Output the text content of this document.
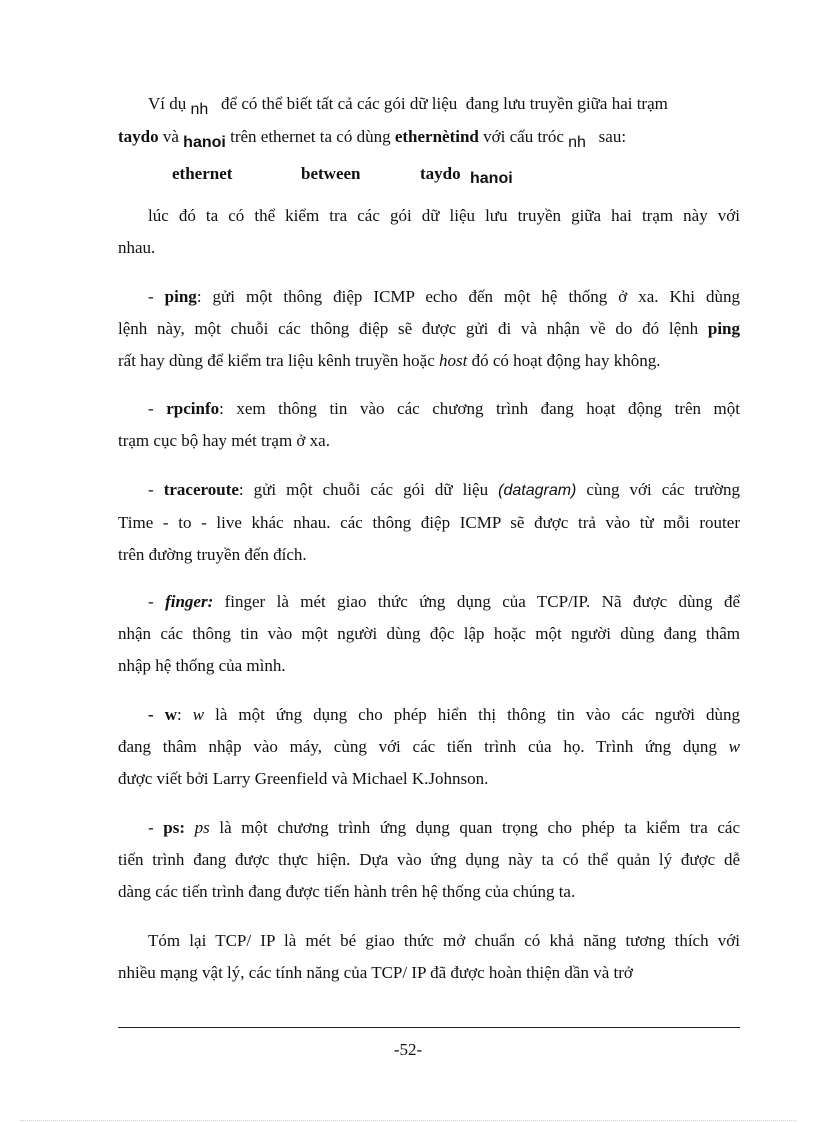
Ví dụ nh   để có thể biết tất cả các gói dữ liệu  đang lưu truyền giữa hai trạm
taydo và hanoi trên ethernet ta có dùng ethernètind với cấu tróc nh   sau:

ethernet	between	taydo hanoi

lúc đó ta có thể kiểm tra các gói dữ liệu lưu truyền giữa hai trạm này với
nhau.

- ping: gửi một thông điệp ICMP echo đến một hệ thống ở xa. Khi dùng
lệnh này, một chuỗi các thông điệp sẽ được gửi đi và nhận về do đó lệnh ping
rất hay dùng để kiểm tra liệu kênh truyền hoặc host đó có hoạt động hay không.

- rpcinfo: xem thông tin vào các chương trình đang hoạt động trên một
trạm cục bộ hay mét trạm ở xa.

- traceroute: gửi một chuỗi các gói dữ liệu (datagram) cùng với các trường
Time - to - live khác nhau. các thông điệp ICMP sẽ được trả vào từ mỗi router
trên đường truyền đến đích.

- finger: finger là mét giao thức ứng dụng của TCP/IP. Nã được dùng để
nhận các thông tin vào một người dùng độc lập hoặc một người dùng đang thâm
nhập hệ thống của mình.

- w: w là một ứng dụng cho phép hiển thị thông tin vào các người dùng
đang thâm nhập vào máy, cùng với các tiến trình của họ. Trình ứng dụng w
được viết bởi Larry Greenfield và Michael K.Johnson.

- ps: ps là một chương trình ứng dụng quan trọng cho phép ta kiểm tra các
tiến trình đang được thực hiện. Dựa vào ứng dụng này ta có thể quản lý được dễ
dàng các tiến trình đang được tiến hành trên hệ thống của chúng ta.

Tóm lại TCP/ IP là mét bé giao thức mở chuẩn có khả năng tương thích với
nhiều mạng vật lý, các tính năng của TCP/ IP đã được hoàn thiện dần và trở

-52-
